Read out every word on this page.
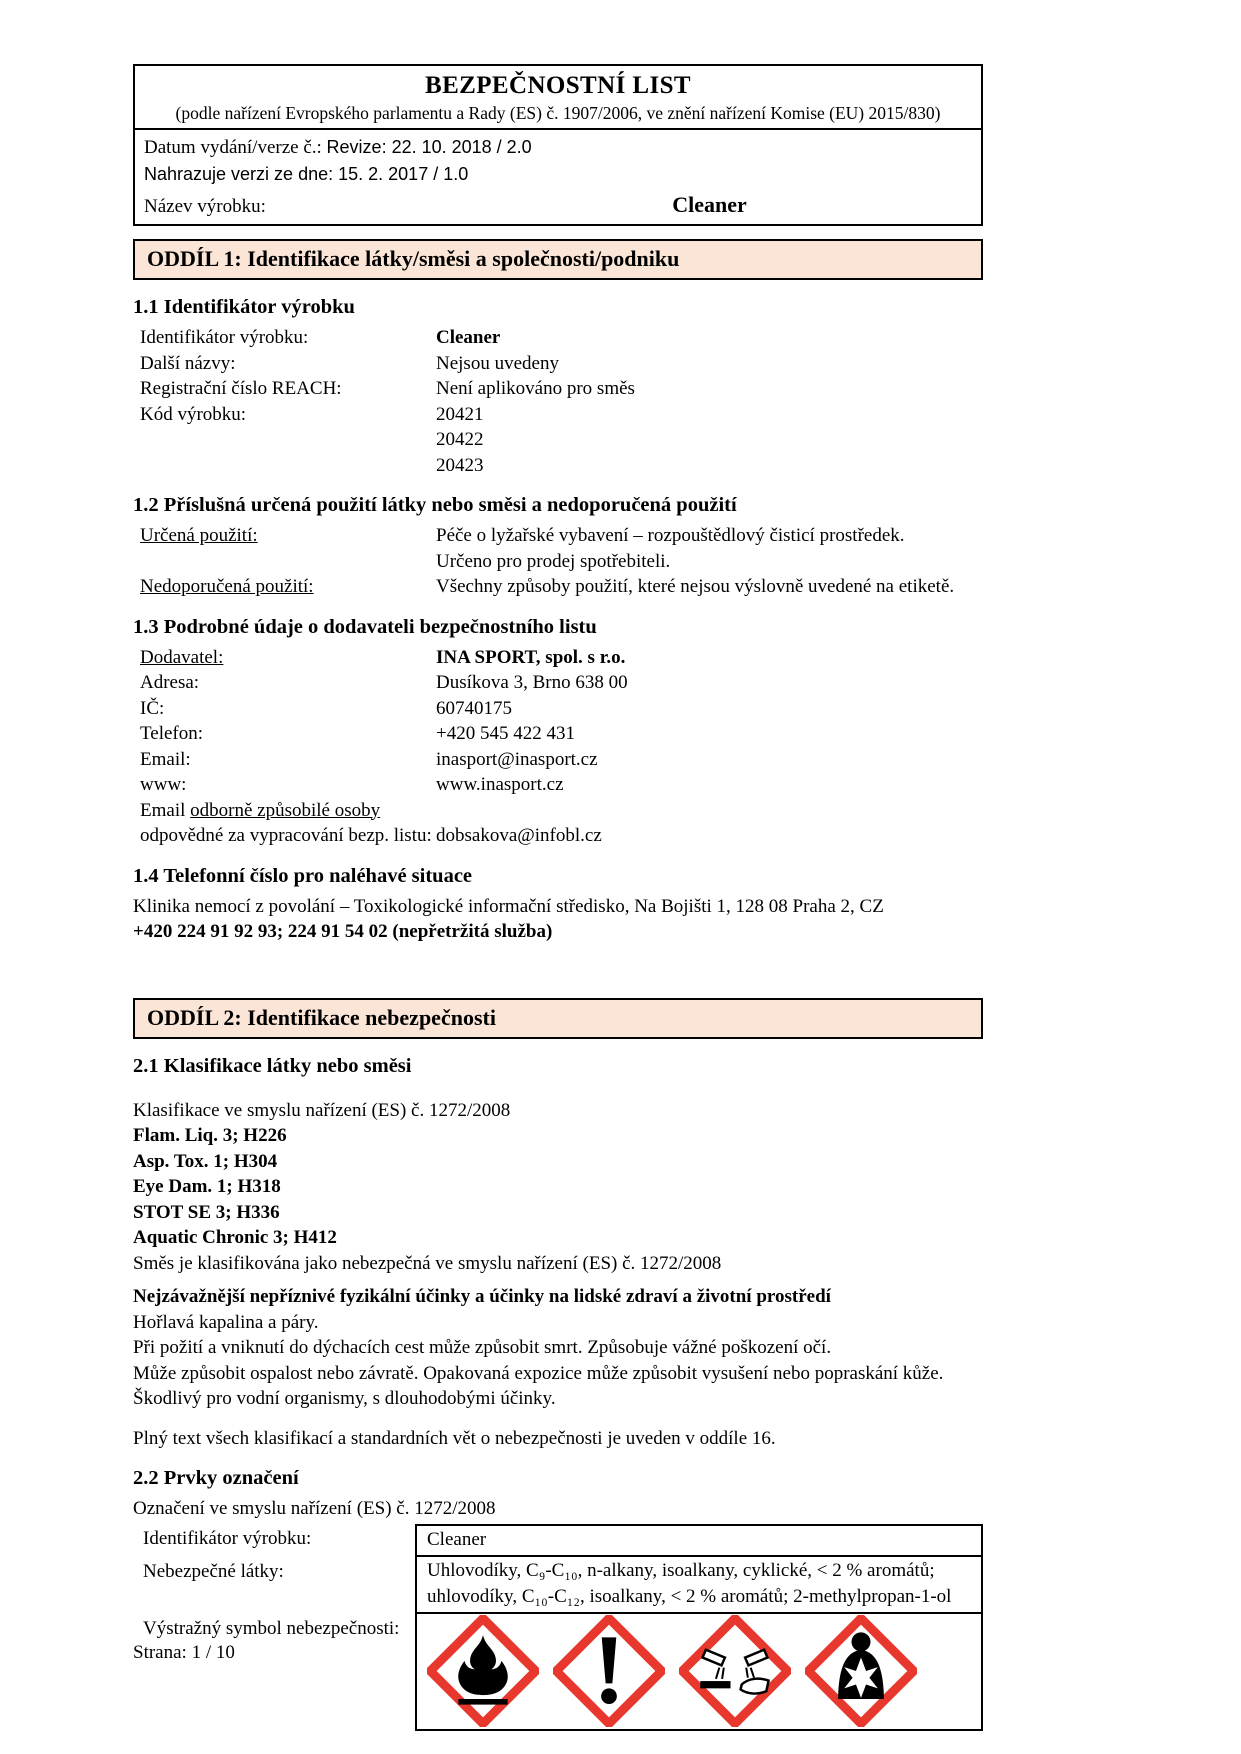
BEZPEČNOSTNÍ LIST
(podle nařízení Evropského parlamentu a Rady (ES) č. 1907/2006, ve znění nařízení Komise (EU) 2015/830)
Datum vydání/verze č.: Revize: 22. 10. 2018 / 2.0
Nahrazuje verzi ze dne: 15. 2. 2017 / 1.0
Název výrobku:	Cleaner
ODDÍL 1: Identifikace látky/směsi a společnosti/podniku
1.1 Identifikátor výrobku
Identifikátor výrobku:	Cleaner
Další názvy:	Nejsou uvedeny
Registrační číslo REACH:	Není aplikováno pro směs
Kód výrobku:	20421
20422
20423
1.2 Příslušná určená použití látky nebo směsi a nedoporučená použití
Určená použití:	Péče o lyžařské vybavení – rozpouštědlový čisticí prostředek.
Určeno pro prodej spotřebiteli.
Nedoporučená použití:	Všechny způsoby použití, které nejsou výslovně uvedené na etiketě.
1.3 Podrobné údaje o dodavateli bezpečnostního listu
Dodavatel:	INA SPORT, spol. s r.o.
Adresa:	Dusíkova 3, Brno 638 00
IČ:	60740175
Telefon:	+420 545 422 431
Email:	inasport@inasport.cz
www:	www.inasport.cz
Email odborně způsobilé osoby
odpovědné za vypracování bezp. listu: dobsakova@infobl.cz
1.4 Telefonní číslo pro naléhavé situace
Klinika nemocí z povolání – Toxikologické informační středisko, Na Bojišti 1, 128 08 Praha 2, CZ
+420 224 91 92 93; 224 91 54 02 (nepřetržitá služba)
ODDÍL 2: Identifikace nebezpečnosti
2.1 Klasifikace látky nebo směsi
Klasifikace ve smyslu nařízení (ES) č. 1272/2008
Flam. Liq. 3; H226
Asp. Tox. 1; H304
Eye Dam. 1; H318
STOT SE 3; H336
Aquatic Chronic 3; H412
Směs je klasifikována jako nebezpečná ve smyslu nařízení (ES) č. 1272/2008
Nejzávažnější nepříznivé fyzikální účinky a účinky na lidské zdraví a životní prostředí
Hořlavá kapalina a páry.
Při požití a vniknutí do dýchacích cest může způsobit smrt. Způsobuje vážné poškození očí.
Může způsobit ospalost nebo závratě. Opakovaná expozice může způsobit vysušení nebo popraskání kůže.
Škodlivý pro vodní organismy, s dlouhodobými účinky.
Plný text všech klasifikací a standardních vět o nebezpečnosti je uveden v oddíle 16.
2.2 Prvky označení
Označení ve smyslu nařízení (ES) č. 1272/2008
Identifikátor výrobku:	Cleaner
Nebezpečné látky:	Uhlovodíky, C₉-C₁₀, n-alkany, isoalkany, cyklické, < 2 % aromátů;
uhlovodíky, C₁₀-C₁₂, isoalkany, < 2 % aromátů; 2-methylpropan-1-ol
Výstražný symbol nebezpečnosti:
Strana: 1 / 10
